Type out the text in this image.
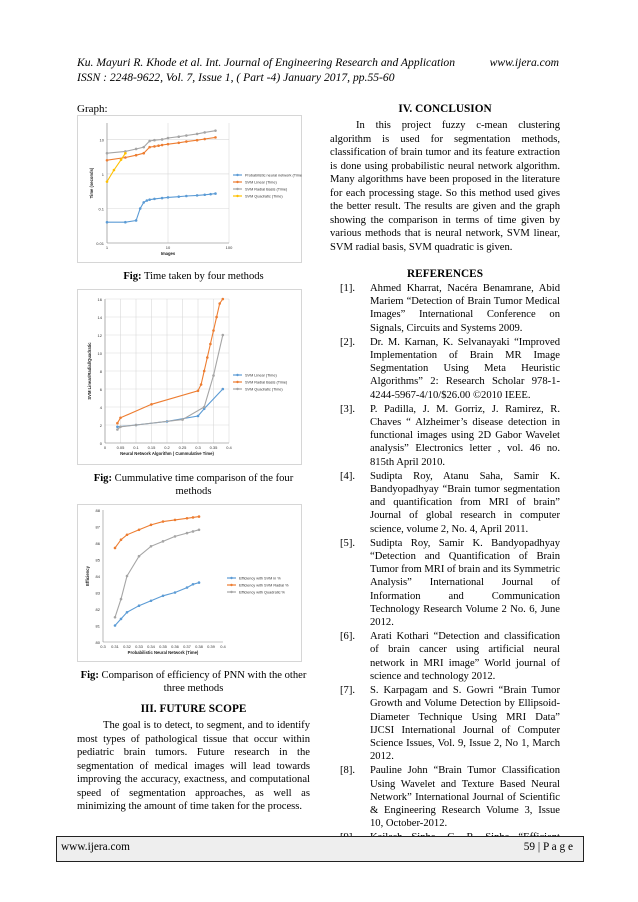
Ku. Mayuri R. Khode et al. Int. Journal of Engineering Research and Application
ISSN : 2248-9622, Vol. 7, Issue 1, ( Part -4) January 2017, pp.55-60
www.ijera.com

Graph:

0.01
0.1
1
10
1	10	100
Images
Time (seconds)	Probabilistic neural network (Time)
SVM Linear (Time)
SVM Radial Basis (Time)
SVM Quadratic (Time)
Fig: Time taken by four methods
0
2
4
6
8
10
12
14
16
0	0.05 0.1 0.15 0.2 0.25 0.3 0.35 0.4
Neural Network Algorithm ( Cummulative Time)
SVM Linear/Radial/Quadratic	SVM Linear (Time)
SVM Radial Basis (Time)
SVM Quadratic (Time)
Fig: Cummulative time comparison of the four methods
80
81
82
83
84
85
86
87
88
0.3 0.31 0.32 0.33 0.34 0.35 0.36 0.37 0.38 0.39 0.4
Probabilistic Neural Network (Time)
Efficiency	Efficiency with SVM in %
Efficiency with SVM Radial %
Efficiency with Quadratic %
Fig: Comparison of efficiency of PNN with the other three methods
III. FUTURE SCOPE

The goal is to detect, to segment, and to identify most types of pathological tissue that occur within pediatric brain tumors. Future research in the segmentation of medical images will lead towards improving the accuracy, exactness, and computational speed of segmentation approaches, as well as minimizing the amount of time taken for the process.

IV. CONCLUSION

In this project fuzzy c-mean clustering algorithm is used for segmentation methods, classification of brain tumor and its feature extraction is done using probabilistic neural network algorithm. Many algorithms have been proposed in the literature for each processing stage. So this method used gives the better result. The results are given and the graph showing the comparison in terms of time given by various methods that is neural network, SVM linear, SVM radial basis, SVM quadratic is given.

REFERENCES
[1].	Ahmed Kharrat, Nacéra Benamrane, Abid Mariem “Detection of Brain Tumor Medical Images” International Conference on Signals, Circuits and Systems 2009.
[2].	Dr. M. Karnan, K. Selvanayaki “Improved Implementation of Brain MR Image Segmentation Using Meta Heuristic Algorithms” 2: Research Scholar 978-1-4244-5967-4/10/$26.00 ©2010 IEEE.
[3].	P. Padilla, J. M. Gorriz, J. Ramirez, R. Chaves “ Alzheimer’s disease detection in functional images using 2D Gabor Wavelet analysis” Electronics letter , vol. 46 no. 815th April 2010.
[4].	Sudipta Roy, Atanu Saha, Samir K. Bandyopadhyay “Brain tumor segmentation and quantification from MRI of brain” Journal of global research in computer science, volume 2, No. 4, April 2011.
[5].	Sudipta Roy, Samir K. Bandyopadhyay “Detection and Quantification of Brain Tumor from MRI of brain and its Symmetric Analysis” International Journal of Information and Communication Technology Research Volume 2 No. 6, June 2012.
[6].	Arati Kothari “Detection and classification of brain cancer using artificial neural network in MRI image” World journal of science and technology 2012.
[7].	S. Karpagam and S. Gowri “Brain Tumor Growth and Volume Detection by Ellipsoid-Diameter Technique Using MRI Data” IJCSI International Journal of Computer Science Issues, Vol. 9, Issue 2, No 1, March 2012.
[8].	Pauline John “Brain Tumor Classification Using Wavelet and Texture Based Neural Network” International Journal of Scientific & Engineering Research Volume 3, Issue 10, October-2012.
www.ijera.com	59 | P a g e
